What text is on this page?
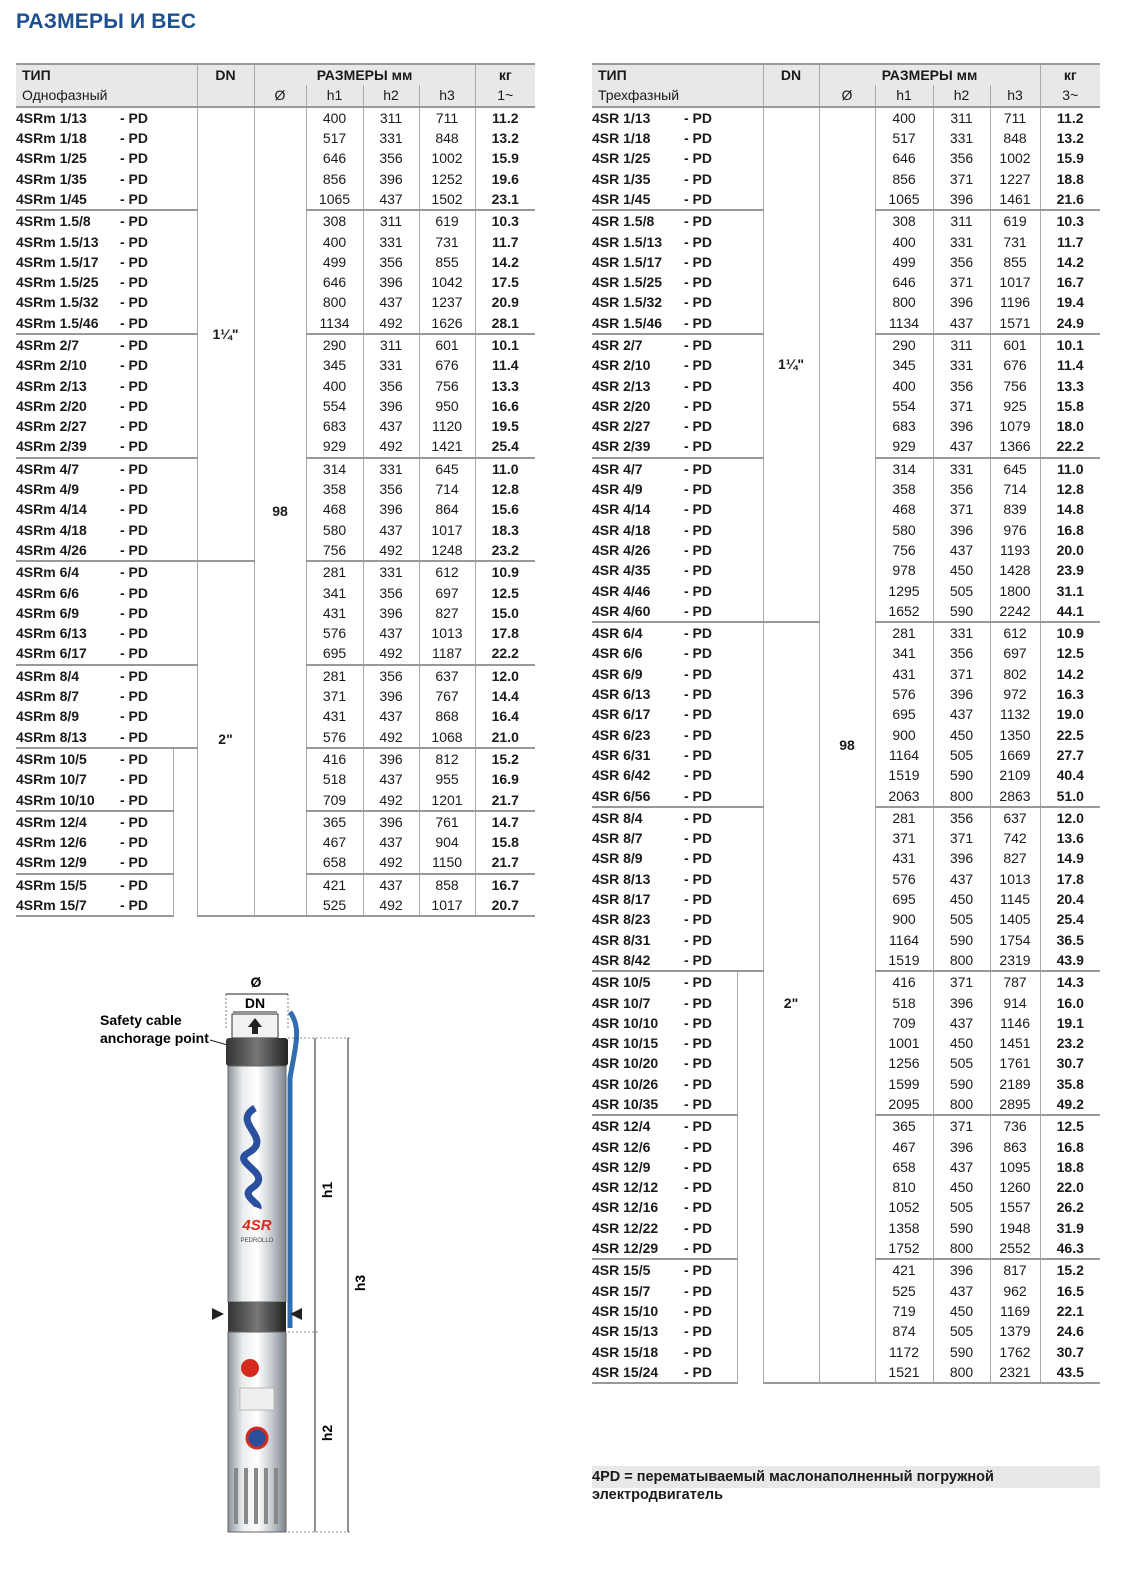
РАЗМЕРЫ И ВЕС
ТИП		DN	РАЗМЕРЫ мм				кг
Однофазный			Ø	h1	h2	h3	1~
4SRm 1/13 - PD		1¼"	98	400	311	711	11.2
4SRm 1/18 - PD				517	331	848	13.2
4SRm 1/25 - PD				646	356	1002	15.9
4SRm 1/35 - PD				856	396	1252	19.6
4SRm 1/45 - PD				1065	437	1502	23.1
4SRm 1.5/8 - PD				308	311	619	10.3
4SRm 1.5/13 - PD				400	331	731	11.7
4SRm 1.5/17 - PD				499	356	855	14.2
4SRm 1.5/25 - PD				646	396	1042	17.5
4SRm 1.5/32 - PD				800	437	1237	20.9
4SRm 1.5/46 - PD				1134	492	1626	28.1
4SRm 2/7 - PD				290	311	601	10.1
4SRm 2/10 - PD				345	331	676	11.4
4SRm 2/13 - PD				400	356	756	13.3
4SRm 2/20 - PD				554	396	950	16.6
4SRm 2/27 - PD				683	437	1120	19.5
4SRm 2/39 - PD				929	492	1421	25.4
4SRm 4/7 - PD				314	331	645	11.0
4SRm 4/9 - PD				358	356	714	12.8
4SRm 4/14 - PD				468	396	864	15.6
4SRm 4/18 - PD				580	437	1017	18.3
4SRm 4/26 - PD				756	492	1248	23.2
4SRm 6/4 - PD		2"		281	331	612	10.9
4SRm 6/6 - PD				341	356	697	12.5
4SRm 6/9 - PD				431	396	827	15.0
4SRm 6/13 - PD				576	437	1013	17.8
4SRm 6/17 - PD				695	492	1187	22.2
4SRm 8/4 - PD				281	356	637	12.0
4SRm 8/7 - PD				371	396	767	14.4
4SRm 8/9 - PD				431	437	868	16.4
4SRm 8/13 - PD				576	492	1068	21.0
4SRm 10/5 - PD				416	396	812	15.2
4SRm 10/7 - PD				518	437	955	16.9
4SRm 10/10 - PD				709	492	1201	21.7
4SRm 12/4 - PD				365	396	761	14.7
4SRm 12/6 - PD				467	437	904	15.8
4SRm 12/9 - PD				658	492	1150	21.7
4SRm 15/5 - PD				421	437	858	16.7
4SRm 15/7 - PD				525	492	1017	20.7
ТИП		DN	РАЗМЕРЫ мм				кг
Трехфазный			Ø	h1	h2	h3	3~
4SR 1/13 - PD		1¼"	98	400	311	711	11.2
4SR 1/18 - PD				517	331	848	13.2
4SR 1/25 - PD				646	356	1002	15.9
4SR 1/35 - PD				856	371	1227	18.8
4SR 1/45 - PD				1065	396	1461	21.6
4SR 1.5/8 - PD				308	311	619	10.3
4SR 1.5/13 - PD				400	331	731	11.7
4SR 1.5/17 - PD				499	356	855	14.2
4SR 1.5/25 - PD				646	371	1017	16.7
4SR 1.5/32 - PD				800	396	1196	19.4
4SR 1.5/46 - PD				1134	437	1571	24.9
4SR 2/7 - PD				290	311	601	10.1
4SR 2/10 - PD				345	331	676	11.4
4SR 2/13 - PD				400	356	756	13.3
4SR 2/20 - PD				554	371	925	15.8
4SR 2/27 - PD				683	396	1079	18.0
4SR 2/39 - PD				929	437	1366	22.2
4SR 4/7 - PD				314	331	645	11.0
4SR 4/9 - PD				358	356	714	12.8
4SR 4/14 - PD				468	371	839	14.8
4SR 4/18 - PD				580	396	976	16.8
4SR 4/26 - PD				756	437	1193	20.0
4SR 4/35 - PD				978	450	1428	23.9
4SR 4/46 - PD				1295	505	1800	31.1
4SR 4/60 - PD				1652	590	2242	44.1
4SR 6/4 - PD		2"		281	331	612	10.9
4SR 6/6 - PD				341	356	697	12.5
4SR 6/9 - PD				431	371	802	14.2
4SR 6/13 - PD				576	396	972	16.3
4SR 6/17 - PD				695	437	1132	19.0
4SR 6/23 - PD				900	450	1350	22.5
4SR 6/31 - PD				1164	505	1669	27.7
4SR 6/42 - PD				1519	590	2109	40.4
4SR 6/56 - PD				2063	800	2863	51.0
4SR 8/4 - PD				281	356	637	12.0
4SR 8/7 - PD				371	371	742	13.6
4SR 8/9 - PD				431	396	827	14.9
4SR 8/13 - PD				576	437	1013	17.8
4SR 8/17 - PD				695	450	1145	20.4
4SR 8/23 - PD				900	505	1405	25.4
4SR 8/31 - PD				1164	590	1754	36.5
4SR 8/42 - PD				1519	800	2319	43.9
4SR 10/5 - PD				416	371	787	14.3
4SR 10/7 - PD				518	396	914	16.0
4SR 10/10 - PD				709	437	1146	19.1
4SR 10/15 - PD				1001	450	1451	23.2
4SR 10/20 - PD				1256	505	1761	30.7
4SR 10/26 - PD				1599	590	2189	35.8
4SR 10/35 - PD				2095	800	2895	49.2
4SR 12/4 - PD				365	371	736	12.5
4SR 12/6 - PD				467	396	863	16.8
4SR 12/9 - PD				658	437	1095	18.8
4SR 12/12 - PD				810	450	1260	22.0
4SR 12/16 - PD				1052	505	1557	26.2
4SR 12/22 - PD				1358	590	1948	31.9
4SR 12/29 - PD				1752	800	2552	46.3
4SR 15/5 - PD				421	396	817	15.2
4SR 15/7 - PD				525	437	962	16.5
4SR 15/10 - PD				719	450	1169	22.1
4SR 15/13 - PD				874	505	1379	24.6
4SR 15/18 - PD				1172	590	1762	30.7
4SR 15/24 - PD				1521	800	2321	43.5
4PD = перематываемый маслонаполненный погружной
электродвигатель
Safety cable
anchorage point
Ø
DN
4SR
PEDROLLO
h1
h2
h3
